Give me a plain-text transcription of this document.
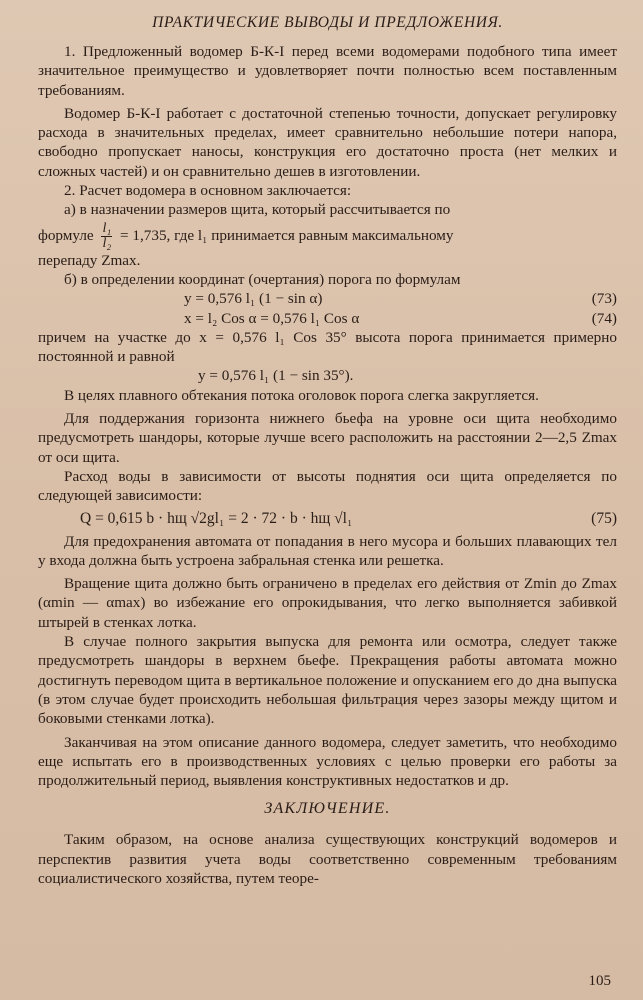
ПРАКТИЧЕСКИЕ ВЫВОДЫ И ПРЕДЛОЖЕНИЯ.

1. Предложенный водомер Б-К-I перед всеми водомерами подобного типа имеет значительное преимущество и удовлетворяет почти полностью всем поставленным требованиям.

Водомер Б-К-I работает с достаточной степенью точности, допускает регулировку расхода в значительных пределах, имеет сравнительно небольшие потери напора, свободно пропускает наносы, конструкция его достаточно проста (нет мелких и сложных частей) и он сравнительно дешев в изготовлении.

2. Расчет водомера в основном заключается:

а) в назначении размеров щита, который рассчитывается по

формуле $\frac{\text{l₁}}{\text{l₂}} = 1,735$, где l₁ принимается равным максимальному

перепаду Zmax.

б) в определении координат (очертания) порога по формулам

y = 0,576 l₁ (1 − sin α)	(73)
x = l₂ Cos α = 0,576 l₁ Cos α	(74)

причем на участке до x = 0,576 l₁ Cos 35° высота порога принимается примерно постоянной и равной

y = 0,576 l₁ (1 − sin 35°).

В целях плавного обтекания потока оголовок порога слегка закругляется.

Для поддержания горизонта нижнего бьефа на уровне оси щита необходимо предусмотреть шандоры, которые лучше всего расположить на расстоянии 2—2,5 Zmax от оси щита.

Расход воды в зависимости от высоты поднятия оси щита определяется по следующей зависимости:

Q = 0,615 b · hщ √2gl₁ = 2 · 72 · b · hщ √l₁	(75)

Для предохранения автомата от попадания в него мусора и больших плавающих тел у входа должна быть устроена забральная стенка или решетка.

Вращение щита должно быть ограничено в пределах его действия от Zmin до Zmax (αmin — αmax) во избежание его опрокидывания, что легко выполняется забивкой штырей в стенках лотка.

В случае полного закрытия выпуска для ремонта или осмотра, следует также предусмотреть шандоры в верхнем бьефе. Прекращения работы автомата можно достигнуть переводом щита в вертикальное положение и опусканием его до дна выпуска (в этом случае будет происходить небольшая фильтрация через зазоры между щитом и боковыми стенками лотка).

Заканчивая на этом описание данного водомера, следует заметить, что необходимо еще испытать его в производственных условиях с целью проверки его работы за продолжительный период, выявления конструктивных недостатков и др.

ЗАКЛЮЧЕНИЕ.

Таким образом, на основе анализа существующих конструкций водомеров и перспектив развития учета воды соответственно современным требованиям социалистического хозяйства, путем теоре-

105
